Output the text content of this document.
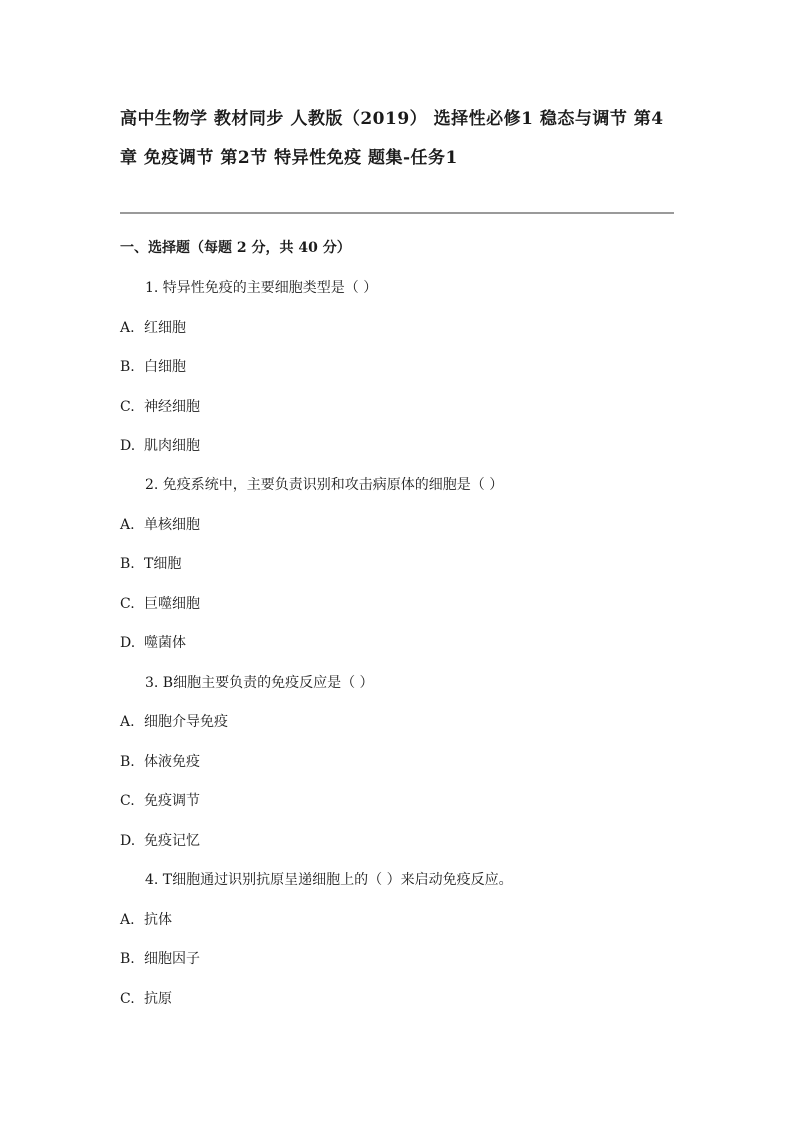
高中生物学 教材同步 人教版（2019） 选择性必修1 稳态与调节 第4章 免疫调节 第2节 特异性免疫 题集-任务1
一、选择题（每题 2 分，共 40 分）
1. 特异性免疫的主要细胞类型是（ ）
A. 红细胞
B. 白细胞
C. 神经细胞
D. 肌肉细胞
2. 免疫系统中，主要负责识别和攻击病原体的细胞是（ ）
A. 单核细胞
B. T细胞
C. 巨噬细胞
D. 噬菌体
3. B细胞主要负责的免疫反应是（ ）
A. 细胞介导免疫
B. 体液免疫
C. 免疫调节
D. 免疫记忆
4. T细胞通过识别抗原呈递细胞上的（ ）来启动免疫反应。
A. 抗体
B. 细胞因子
C. 抗原
